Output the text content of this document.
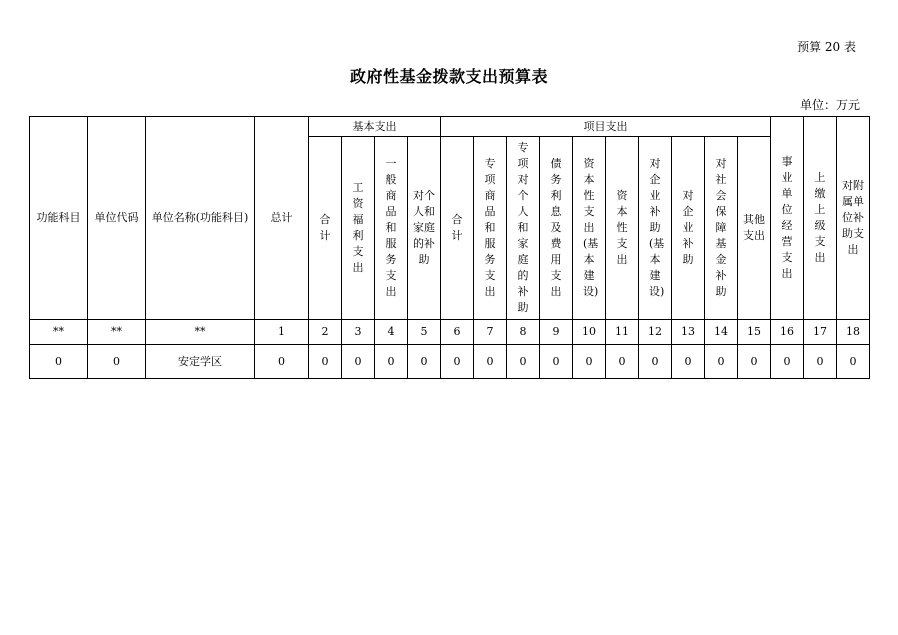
预算 20 表
政府性基金拨款支出预算表
单位：万元
功能科目	单位代码	单位名称(功能科目)	总计	基本支出				项目支出										事业单位经营支出	上缴上级支出	对附属单位补助支出
				合计	工资福利支出	一般商品和服务支出	对个人和家庭的补助	合计	专项商品和服务支出	专项对个人和家庭的补助	债务利息及费用支出	资本性支出(基本建设)	资本性支出	对企业补助(基本建设)	对企业补助	对社会保障基金补助	其他支出			
**	**	**	1	2	3	4	5	6	7	8	9	10	11	12	13	14	15	16	17	18
0	0	安定学区	0	0	0	0	0	0	0	0	0	0	0	0	0	0	0	0	0	0
